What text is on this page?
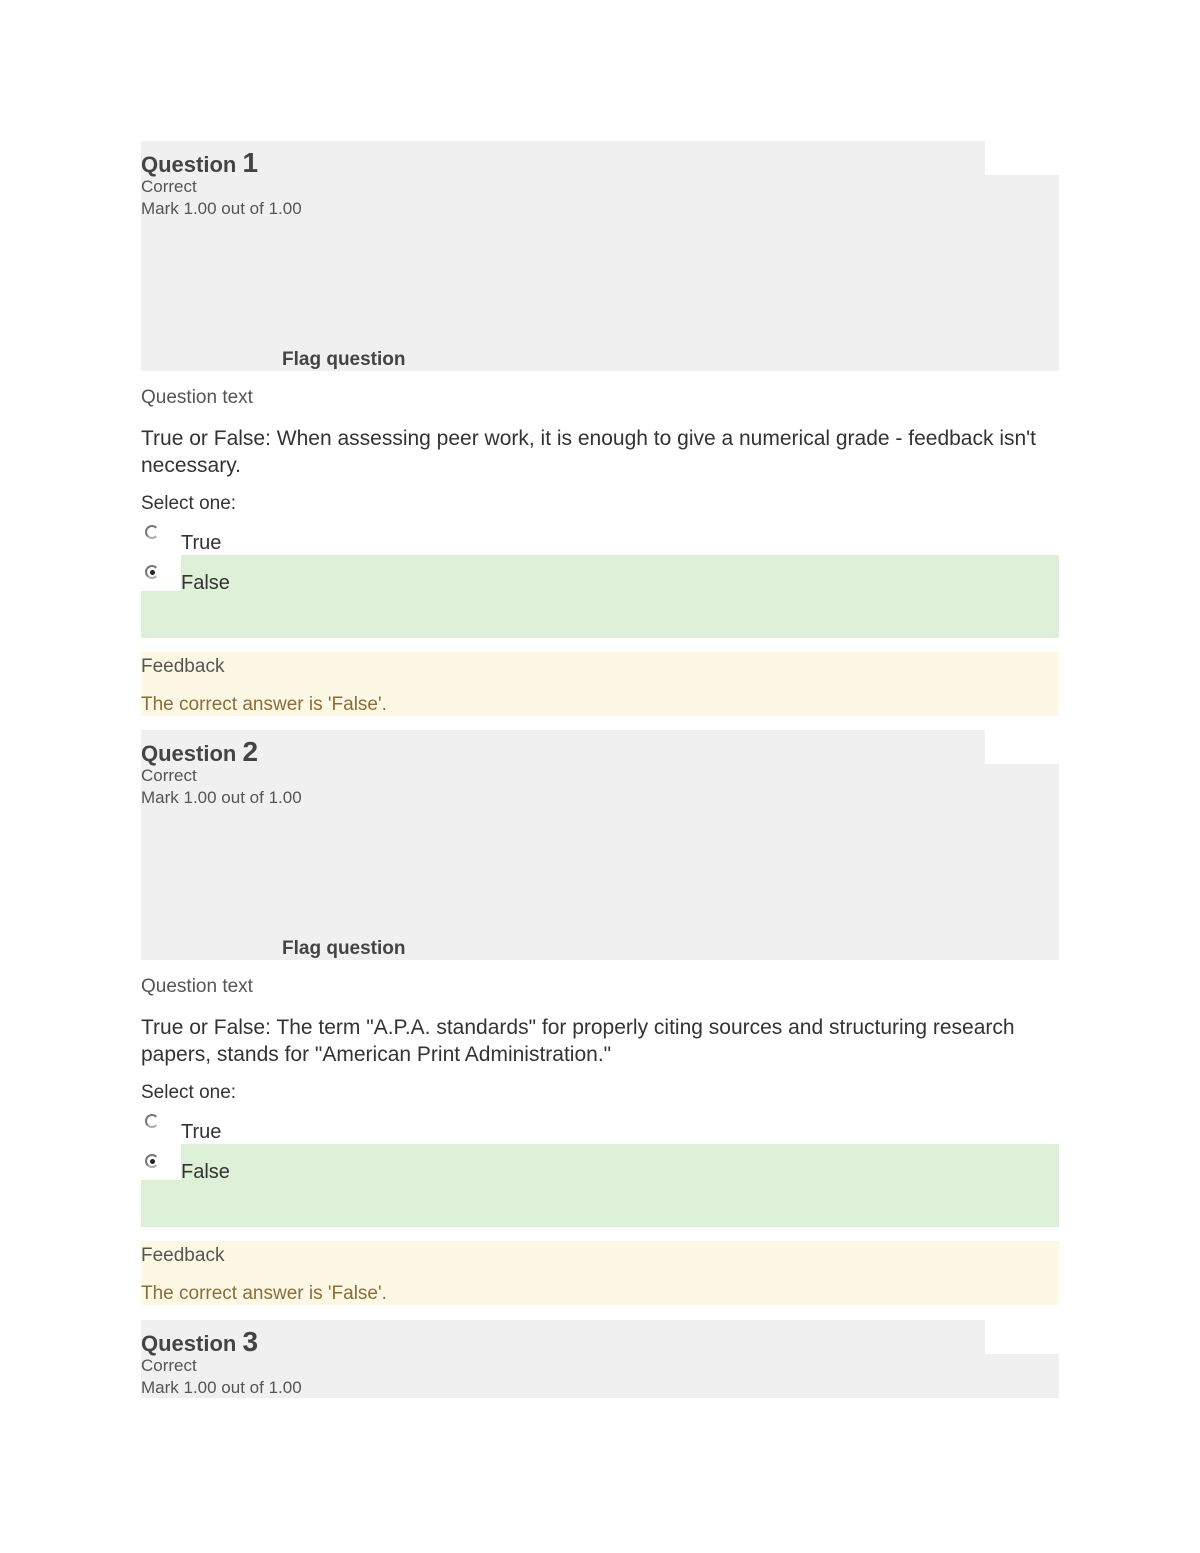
Question 1
Correct
Mark 1.00 out of 1.00
Flag question
Question text
True or False: When assessing peer work, it is enough to give a numerical grade - feedback isn't necessary.
Select one:
True
False
Feedback
The correct answer is 'False'.
Question 2
Correct
Mark 1.00 out of 1.00
Flag question
Question text
True or False: The term "A.P.A. standards" for properly citing sources and structuring research papers, stands for "American Print Administration."
Select one:
True
False
Feedback
The correct answer is 'False'.
Question 3
Correct
Mark 1.00 out of 1.00
